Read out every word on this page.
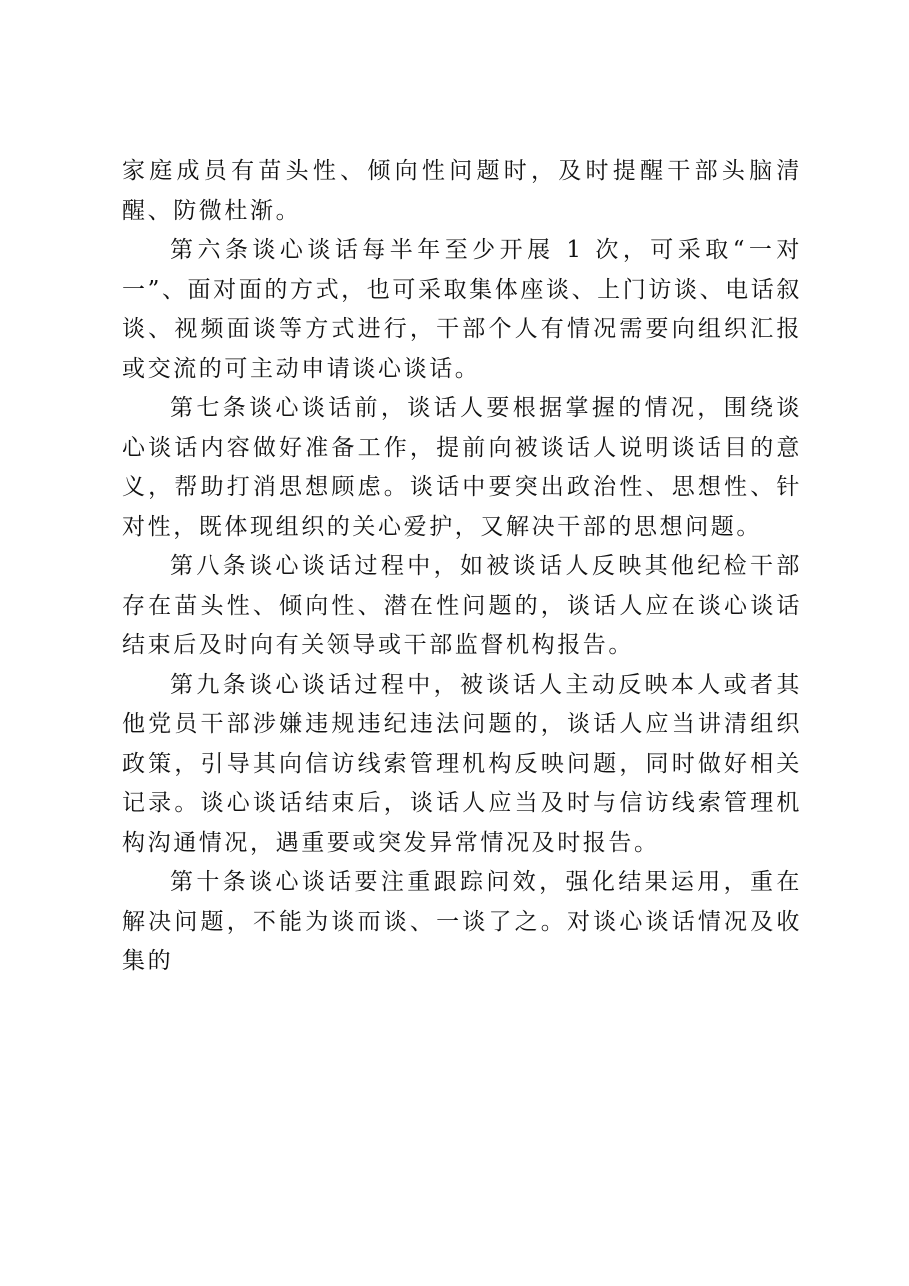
家庭成员有苗头性、倾向性问题时，及时提醒干部头脑清醒、防微杜渐。

第六条谈心谈话每半年至少开展 1 次，可采取“一对一”、面对面的方式，也可采取集体座谈、上门访谈、电话叙谈、视频面谈等方式进行，干部个人有情况需要向组织汇报或交流的可主动申请谈心谈话。

第七条谈心谈话前，谈话人要根据掌握的情况，围绕谈心谈话内容做好准备工作，提前向被谈话人说明谈话目的意义，帮助打消思想顾虑。谈话中要突出政治性、思想性、针对性，既体现组织的关心爱护，又解决干部的思想问题。

第八条谈心谈话过程中，如被谈话人反映其他纪检干部存在苗头性、倾向性、潜在性问题的，谈话人应在谈心谈话结束后及时向有关领导或干部监督机构报告。

第九条谈心谈话过程中，被谈话人主动反映本人或者其他党员干部涉嫌违规违纪违法问题的，谈话人应当讲清组织政策，引导其向信访线索管理机构反映问题，同时做好相关记录。谈心谈话结束后，谈话人应当及时与信访线索管理机构沟通情况，遇重要或突发异常情况及时报告。

第十条谈心谈话要注重跟踪问效，强化结果运用，重在解决问题，不能为谈而谈、一谈了之。对谈心谈话情况及收集的
